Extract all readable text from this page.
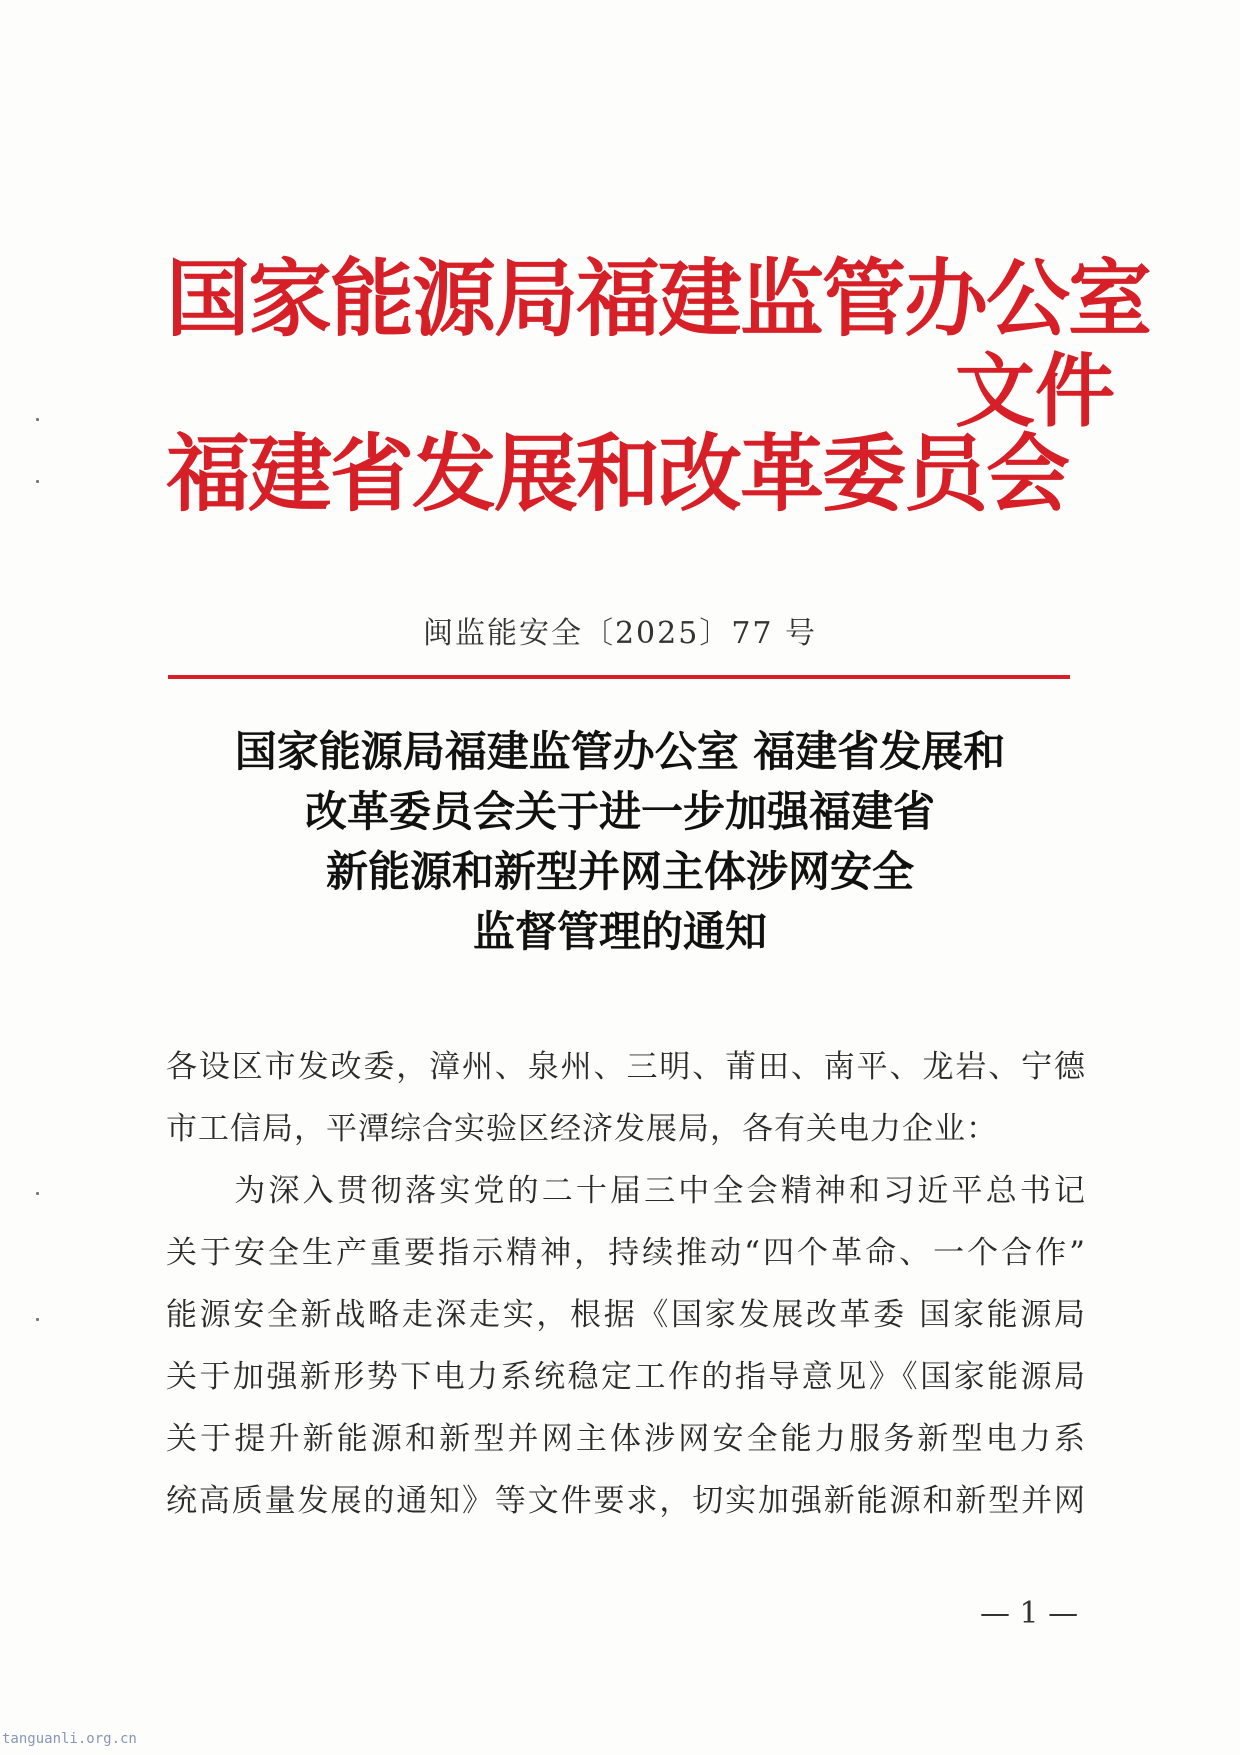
国家能源局福建监管办公室
福建省发展和改革委员会
文件
闽监能安全〔2025〕77 号
国家能源局福建监管办公室 福建省发展和
改革委员会关于进一步加强福建省
新能源和新型并网主体涉网安全
监督管理的通知
各设区市发改委，漳州、泉州、三明、莆田、南平、龙岩、宁德
市工信局，平潭综合实验区经济发展局，各有关电力企业：
　　为深入贯彻落实党的二十届三中全会精神和习近平总书记
关于安全生产重要指示精神，持续推动“四个革命、一个合作”
能源安全新战略走深走实，根据《国家发展改革委 国家能源局
关于加强新形势下电力系统稳定工作的指导意见》《国家能源局
关于提升新能源和新型并网主体涉网安全能力服务新型电力系
统高质量发展的通知》等文件要求，切实加强新能源和新型并网
— 1 —
tanguanli.org.cn
